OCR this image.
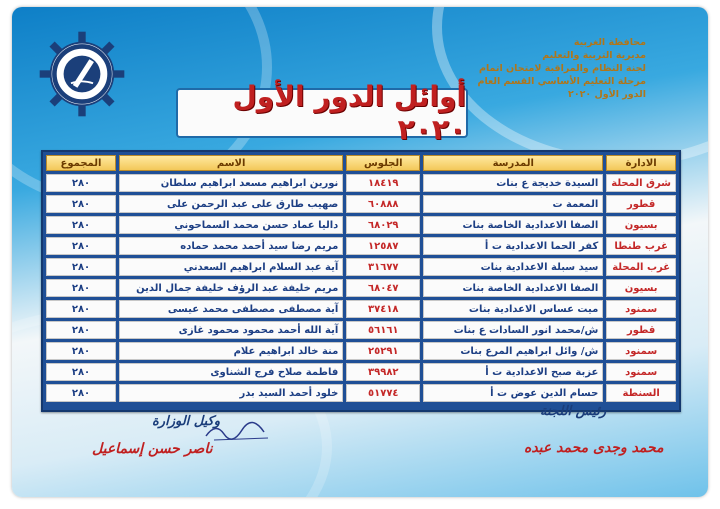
محافظة الغربية
مديرية التربية والتعليم
لجنة النظام والمراقبة لامتحان اتمام
مرحلة التعليم الأساسي القسم العام
الدور الأول ٢٠٢٠
أوائل الدور الأول ٢٠٢٠
الادارة	المدرسة	الجلوس	الاسم	المجموع
شرق المحلة	السيدة خديجة ع بنات	١٨٤١٩	نورين ابراهيم مسعد ابراهيم سلطان	٢٨٠
قطور	المعمة ت	٦٠٨٨٨	صهيب طارق على عبد الرحمن على	٢٨٠
بسيون	الصفا الاعدادية الخاصة بنات	٦٨٠٢٩	داليا عماد حسن محمد السماحوني	٢٨٠
غرب طنطا	كفر الحما الاعدادية ت أ	١٢٥٨٧	مريم رضا سيد أحمد محمد حماده	٢٨٠
غرب المحلة	سيد سبلة الاعدادية بنات	٣١٦٧٧	آية عبد السلام ابراهيم السعدني	٢٨٠
بسيون	الصفا الاعدادية الخاصة بنات	٦٨٠٤٧	مريم خليفة عبد الرؤف خليفة جمال الدين	٢٨٠
سمنود	ميت عساس الاعدادية بنات	٣٧٤١٨	آية مصطفى مصطفى محمد عيسى	٢٨٠
قطور	ش/محمد انور السادات ع بنات	٥٦١٦١	آية الله أحمد محمود محمود غازى	٢٨٠
سمنود	ش/ وائل ابراهيم المرع بنات	٢٥٢٩١	منة خالد ابراهيم علام	٢٨٠
سمنود	عزبة صبح الاعدادية ت أ	٣٩٩٨٢	فاطمة صلاح فرج الشناوى	٢٨٠
السنطة	حسام الدين عوض ت أ	٥١٧٧٤	خلود أحمد السيد بدر	٢٨٠
وكيل الوزارة
ناصر حسن إسماعيل
رئيس اللجنة
محمد وجدى محمد عبده
